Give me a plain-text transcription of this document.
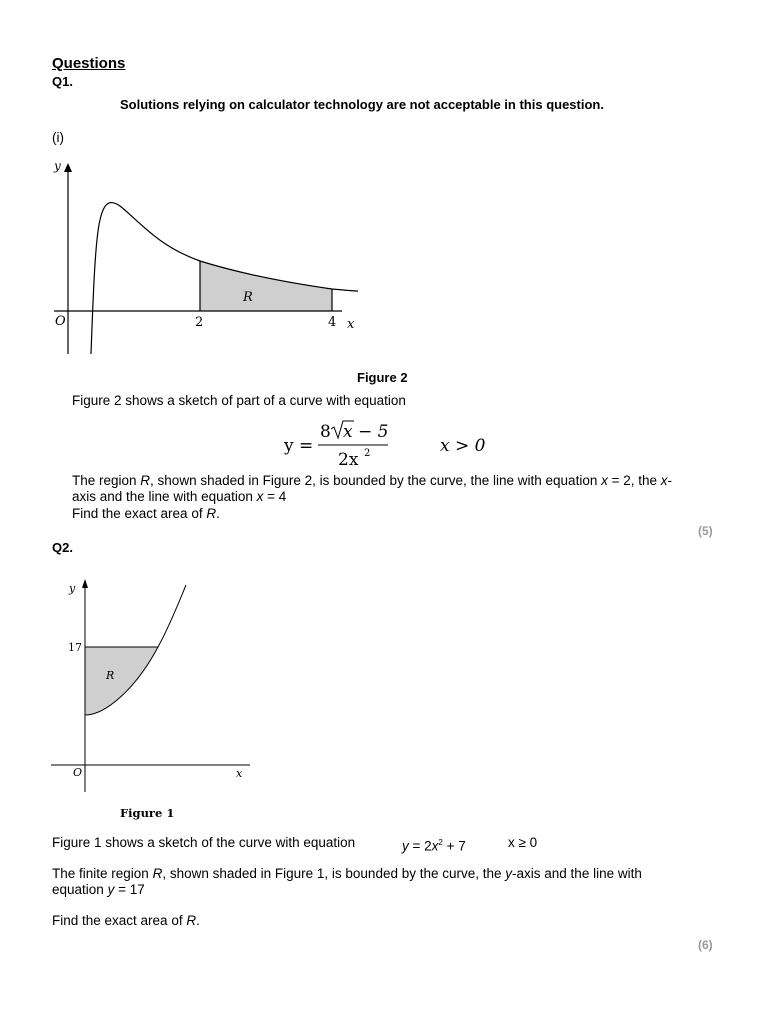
Questions
Q1.
Solutions relying on calculator technology are not acceptable in this question.
(i)
y
O	2	4 x
R
Figure 2
Figure 2 shows a sketch of part of a curve with equation
y =
8 x − 5
2x 2	x > 0
The region R, shown shaded in Figure 2, is bounded by the curve, the line with equation x = 2, the x-
axis and the line with equation x = 4
Find the exact area of R.
(5)
Q2.
y
17
R
O	x
Figure 1
Figure 1 shows a sketch of the curve with equation	$y = 2x^2 + 7$	x ≥ 0
The finite region R, shown shaded in Figure 1, is bounded by the curve, the y-axis and the line with
equation y = 17
Find the exact area of R.
(6)
